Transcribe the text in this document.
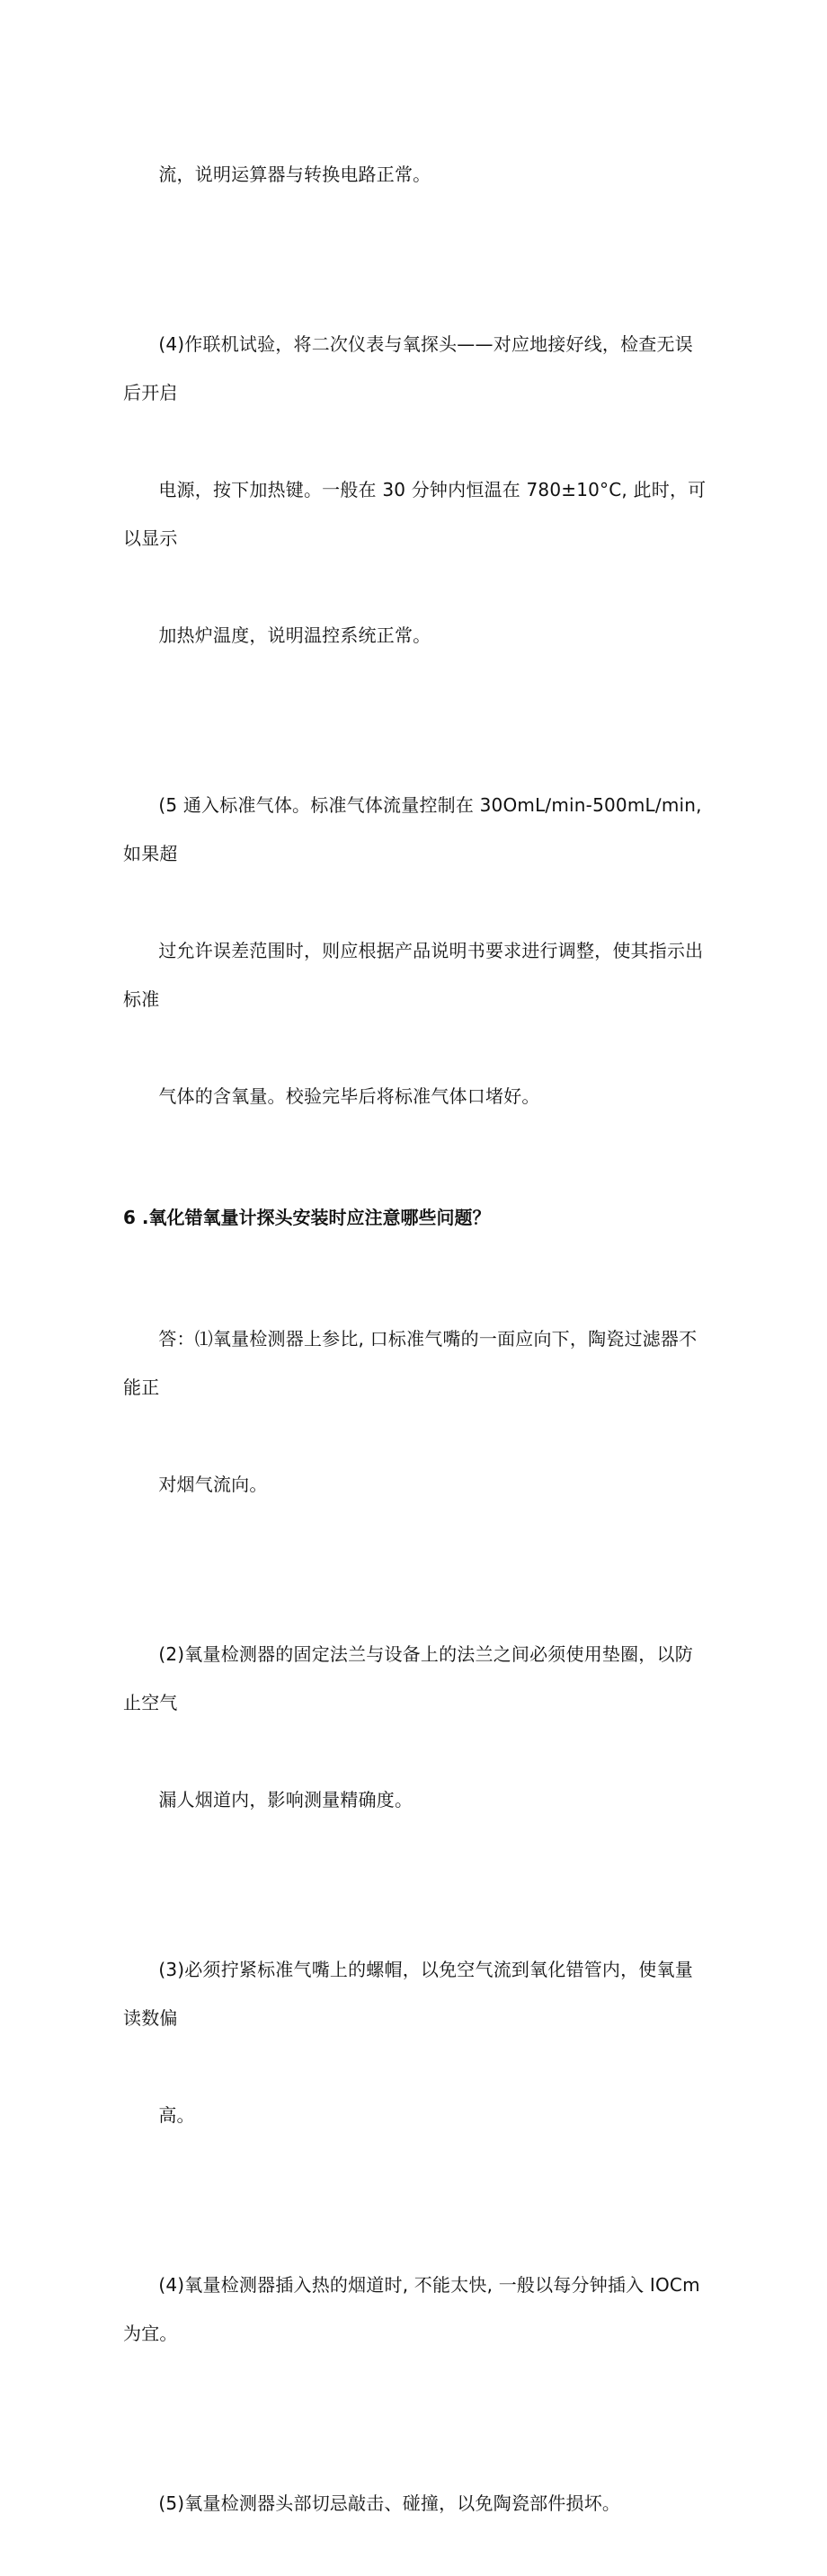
流，说明运算器与转换电路正常。

(4)作联机试验，将二次仪表与氧探头——对应地接好线，检查无误后开启

电源，按下加热键。一般在 30 分钟内恒温在 780±10°C, 此时，可以显示

加热炉温度，说明温控系统正常。

(5 通入标准气体。标准气体流量控制在 30OmL∕min-500mL∕min,如果超

过允许误差范围时，则应根据产品说明书要求进行调整，使其指示出标准

气体的含氧量。校验完毕后将标准气体口堵好。

6 .氧化错氧量计探头安装时应注意哪些问题？

答：⑴氧量检测器上参比, 口标准气嘴的一面应向下，陶瓷过滤器不能正

对烟气流向。

(2)氧量检测器的固定法兰与设备上的法兰之间必须使用垫圈，以防止空气

漏人烟道内，影响测量精确度。

(3)必须拧紧标准气嘴上的螺帽，以免空气流到氧化错管内，使氧量读数偏

高。

(4)氧量检测器插入热的烟道时, 不能太快, 一般以每分钟插入 IOCm 为宜。

(5)氧量检测器头部切忌敲击、碰撞，以免陶瓷部件损坏。
